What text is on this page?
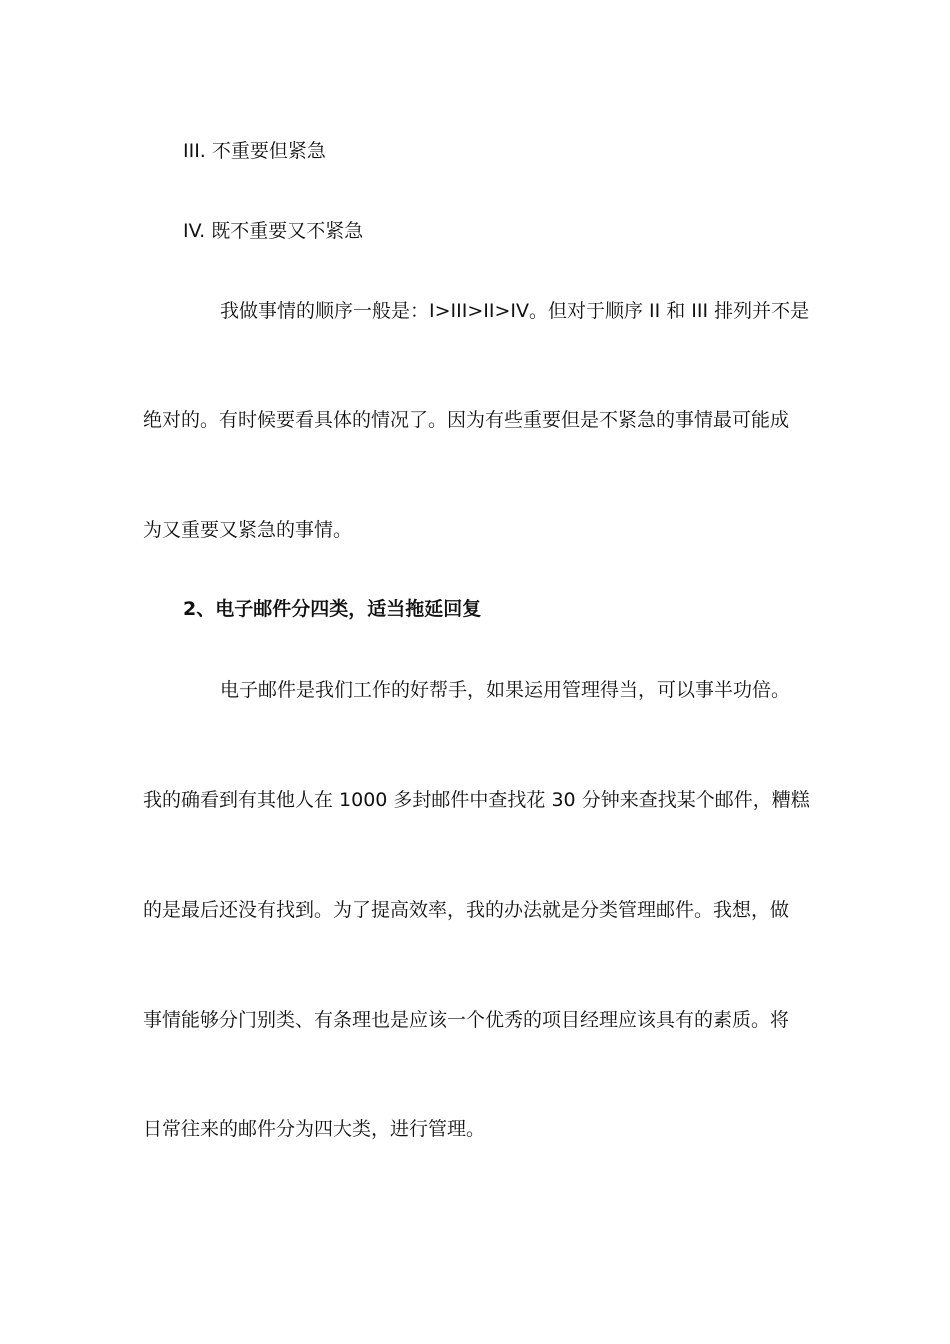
III. 不重要但紧急
IV. 既不重要又不紧急
我做事情的顺序一般是：I>III>II>IV。但对于顺序 II 和 III 排列并不是
绝对的。有时候要看具体的情况了。因为有些重要但是不紧急的事情最可能成
为又重要又紧急的事情。
2、电子邮件分四类，适当拖延回复
电子邮件是我们工作的好帮手，如果运用管理得当，可以事半功倍。
我的确看到有其他人在 1000 多封邮件中查找花 30 分钟来查找某个邮件，糟糕
的是最后还没有找到。为了提高效率，我的办法就是分类管理邮件。我想，做
事情能够分门别类、有条理也是应该一个优秀的项目经理应该具有的素质。将
日常往来的邮件分为四大类，进行管理。
